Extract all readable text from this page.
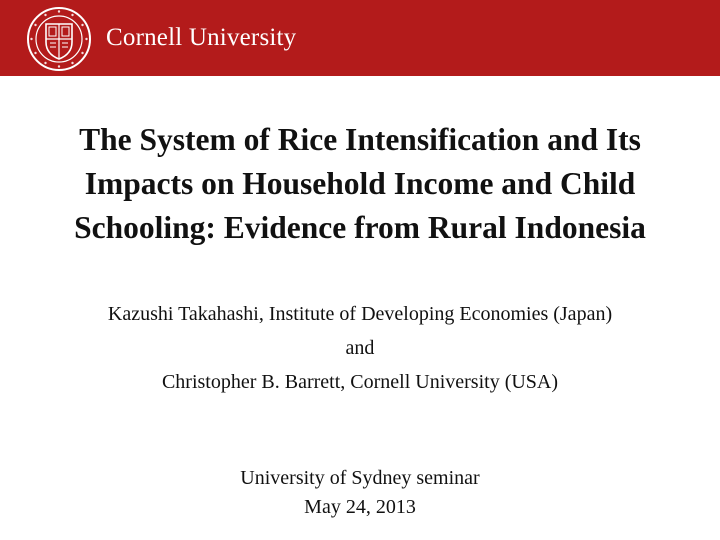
Cornell University
The System of Rice Intensification and Its
Impacts on Household Income and Child
Schooling: Evidence from Rural Indonesia
Kazushi Takahashi, Institute of Developing Economies (Japan)
and
Christopher B. Barrett, Cornell University (USA)
University of Sydney seminar
May 24, 2013
